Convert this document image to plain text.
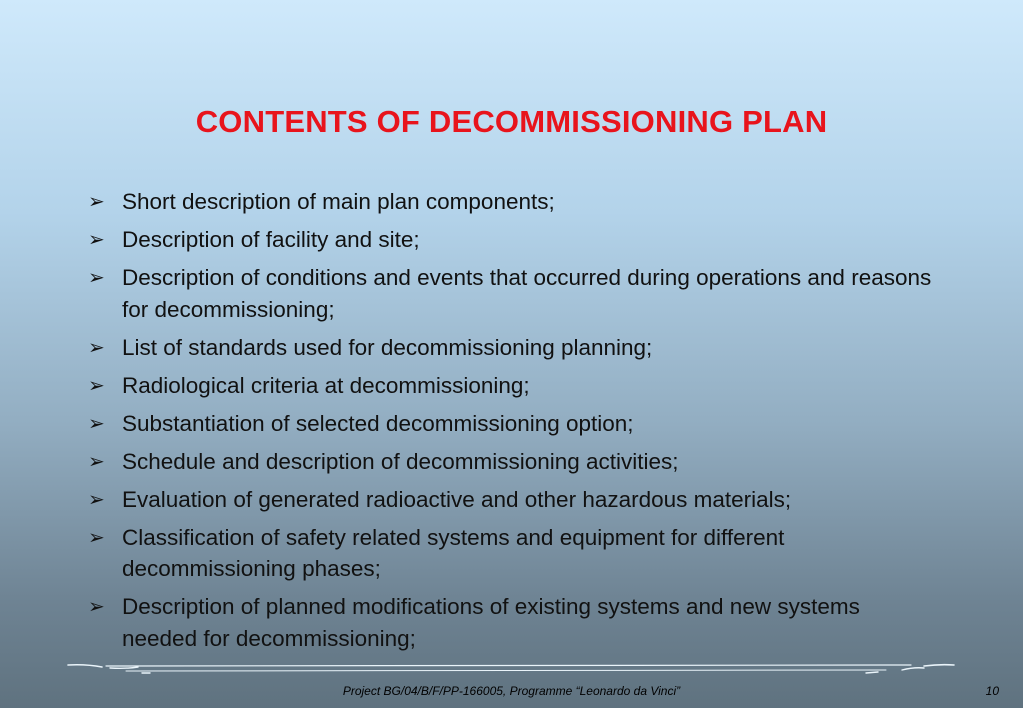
CONTENTS OF DECOMMISSIONING PLAN
➢ Short description of main plan components;
➢ Description of facility and site;
➢ Description of conditions and events that occurred during operations and reasons for decommissioning;
➢ List of standards used for decommissioning planning;
➢ Radiological criteria at decommissioning;
➢ Substantiation of selected decommissioning option;
➢ Schedule and description of decommissioning activities;
➢ Evaluation of generated radioactive and other hazardous materials;
➢ Classification of safety related systems and equipment for different decommissioning phases;
➢ Description of planned modifications of existing systems and new systems needed for decommissioning;
Project BG/04/B/F/PP-166005, Programme “Leonardo da Vinci”	10
